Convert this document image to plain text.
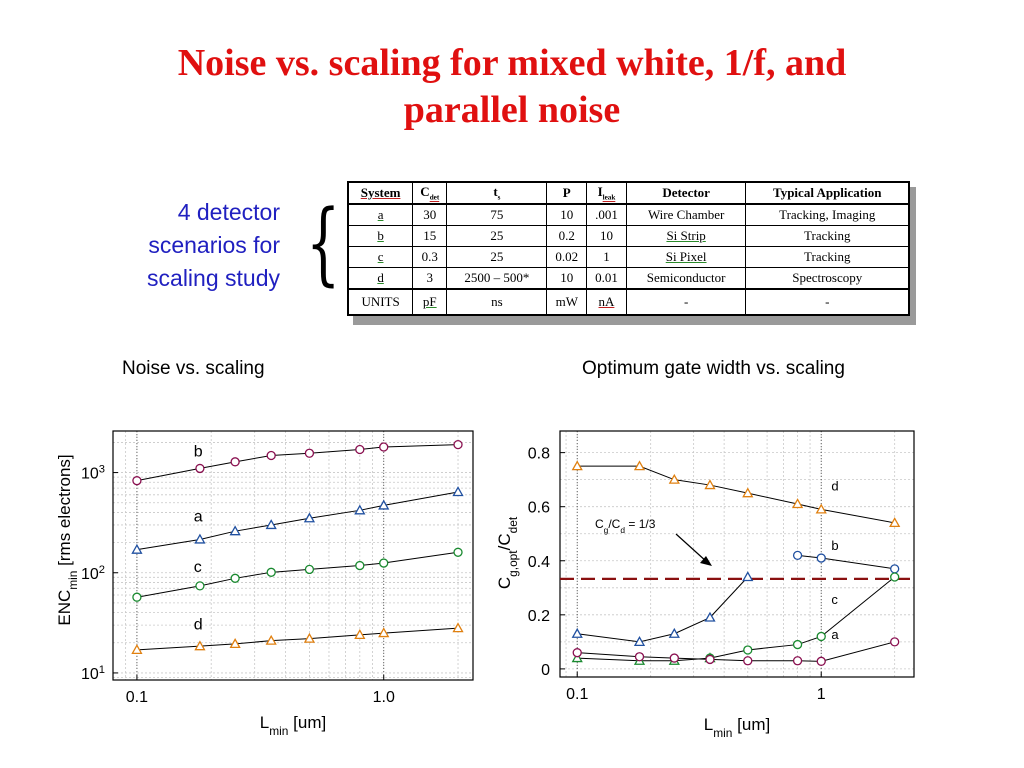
Noise vs. scaling for mixed white, 1/f, and
parallel noise
4 detector
scenarios for
scaling study { System	$C_{det}$	$t_s$	P	$I_{leak}$	Detector	Typical Application
a	30	75	10	.001	Wire Chamber	Tracking, Imaging
b	15	25	0.2	10	Si Strip	Tracking
c	0.3	25	0.02	1	Si Pixel	Tracking
d	3	2500 – 500*	10	0.01	Semiconductor	Spectroscopy
UNITS	pF	ns	mW	nA	-	-
Noise vs. scaling	Optimum gate width vs. scaling
0.1	1.0
$10^1$
$10^2$
$10^3$
b
a
c
d
$L_{min}$ [um]
$ENC_{min}$ [rms electrons]
0.1	1
0
0.2
0.4
0.6
0.8
d
b
c
a
$L_{min}$ [um]
$C_{g,opt}/C_{det}$	$C_g/C_d = 1/3$
